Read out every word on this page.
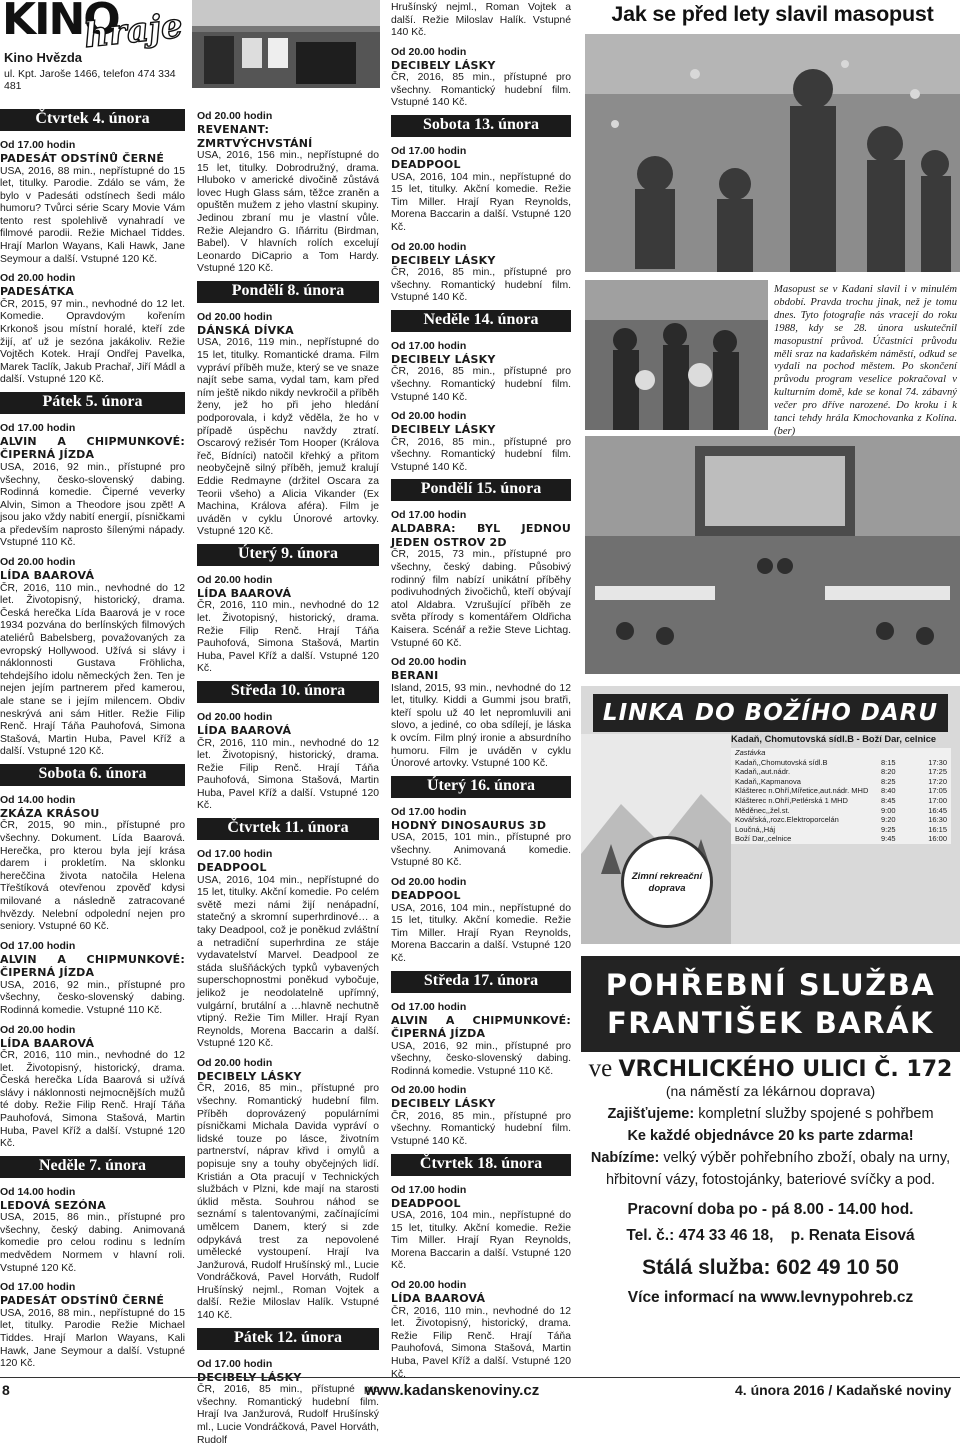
KINO
hraje
Kino Hvězda
ul. Kpt. Jaroše 1466, telefon 474 334 481
Jak se před lety slavil masopust
Masopust se v Kadani slavil i v minulém období. Pravda trochu jinak, než je tomu dnes. Tyto fotografie nás vracejí do roku 1988, kdy se 28. února uskutečnil masopustní průvod. Účastníci průvodu měli sraz na kadaňském náměstí, odkud se vydali na pochod městem. Po skončení průvodu program veselice pokračoval v kulturním domě, kde se konal 74. zábavný večer pro dříve narozené. Do kroku i k tanci tehdy hrála Kmochovanka z Kolína. (ber)
Čtvrtek 4. února
Od 17.00 hodin
PADESÁT ODSTÍNŮ ČERNÉ
USA, 2016, 88 min., nepřístupné do 15 let, titulky. Parodie. Zdálo se vám, že bylo v Padesáti odstínech šedi málo humoru? Tvůrci série Scary Movie Vám tento rest spolehlivě vynahradí ve filmové parodii. Režie Michael Tiddes. Hrají Marlon Wayans, Kali Hawk, Jane Seymour a další. Vstupné 120 Kč.
Od 20.00 hodin
PADESÁTKA
ČR, 2015, 97 min., nevhodné do 12 let. Komedie. Opravdovým kořením Krkonoš jsou místní horalé, kteří zde žijí, ať už je sezóna jakákoliv. Režie Vojtěch Kotek. Hrají Ondřej Pavelka, Marek Taclík, Jakub Prachař, Jiří Mádl a další. Vstupné 120 Kč.
Pátek 5. února
Od 17.00 hodin
ALVIN A CHIPMUNKOVÉ: ČIPERNÁ JÍZDA
USA, 2016, 92 min., přístupné pro všechny, česko-slovenský dabing. Rodinná komedie. Čiperné veverky Alvin, Simon a Theodore jsou zpět! A jsou jako vždy nabití energií, písničkami a především naprosto šílenými nápady. Vstupné 110 Kč.
Od 20.00 hodin
LÍDA BAAROVÁ
ČR, 2016, 110 min., nevhodné do 12 let. Životopisný, historický, drama. Česká herečka Lída Baarová je v roce 1934 pozvána do berlínských filmových ateliérů Babelsberg, považovaných za evropský Hollywood. Užívá si slávy i náklonnosti Gustava Fröhlicha, tehdejšího idolu německých žen. Ten je nejen jejím partnerem před kamerou, ale stane se i jejím milencem. Obdiv neskrývá ani sám Hitler. Režie Filip Renč. Hrají Táňa Pauhofová, Simona Stašová, Martin Huba, Pavel Kříž a další. Vstupné 120 Kč.
Sobota 6. února
Od 14.00 hodin
ZKÁZA KRÁSOU
ČR, 2015, 90 min., přístupné pro všechny. Dokument. Lída Baarová. Herečka, pro kterou byla její krása darem i prokletím. Na sklonku hereččina života natočila Helena Třeštíková otevřenou zpověď kdysi milované a následně zatracované hvězdy. Nelební odpolední nejen pro seniory. Vstupné 60 Kč.
Od 17.00 hodin
ALVIN A CHIPMUNKOVÉ: ČIPERNÁ JÍZDA
USA, 2016, 92 min., přístupné pro všechny, česko-slovenský dabing. Rodinná komedie. Vstupné 110 Kč.
Od 20.00 hodin
LÍDA BAAROVÁ
ČR, 2016, 110 min., nevhodné do 12 let. Životopisný, historický, drama. Česká herečka Lída Baarová si užívá slávy i náklonnosti nejmocnějších mužů té doby. Režie Filip Renč. Hrají Táňa Pauhofová, Simona Stašová, Martin Huba, Pavel Kříž a další. Vstupné 120 Kč.
Neděle 7. února
Od 14.00 hodin
LEDOVÁ SEZÓNA
USA, 2015, 86 min., přístupné pro všechny, český dabing. Animovaná komedie pro celou rodinu s ledním medvědem Normem v hlavní roli. Vstupné 120 Kč.
Od 17.00 hodin
PADESÁT ODSTÍNŮ ČERNÉ
USA, 2016, 88 min., nepřístupné do 15 let, titulky. Parodie Režie Michael Tiddes. Hrají Marlon Wayans, Kali Hawk, Jane Seymour a další. Vstupné 120 Kč.
Od 20.00 hodin
REVENANT: ZMRTVÝCHVSTÁNÍ
USA, 2016, 156 min., nepřístupné do 15 let, titulky. Dobrodružný, drama. Hluboko v americké divočině zůstává lovec Hugh Glass sám, těžce zraněn a opuštěn mužem z jeho vlastní skupiny. Jedinou zbraní mu je vlastní vůle. Režie Alejandro G. Iñárritu (Birdman, Babel). V hlavních rolích excelují Leonardo DiCaprio a Tom Hardy. Vstupné 120 Kč.
Pondělí 8. února
Od 20.00 hodin
DÁNSKÁ DÍVKA
USA, 2016, 119 min., nepřístupné do 15 let, titulky. Romantické drama. Film vypráví příběh muže, který se ve snaze najít sebe sama, vydal tam, kam před ním ještě nikdo nikdy nevkročil a příběh ženy, jež ho při jeho hledání podporovala, i když věděla, že ho v případě úspěchu navždy ztratí. Oscarový režisér Tom Hooper (Králova řeč, Bídníci) natočil křehký a přitom neobyčejně silný příběh, jemuž kralují Eddie Redmayne (držitel Oscara za Teorii všeho) a Alicia Vikander (Ex Machina, Králova aféra). Film je uváděn v cyklu Únorové artovky. Vstupné 120 Kč.
Úterý 9. února
Od 20.00 hodin
LÍDA BAAROVÁ
ČR, 2016, 110 min., nevhodné do 12 let. Životopisný, historický, drama. Režie Filip Renč. Hrají Táňa Pauhofová, Simona Stašová, Martin Huba, Pavel Kříž a další. Vstupné 120 Kč.
Středa 10. února
Od 20.00 hodin
LÍDA BAAROVÁ
ČR, 2016, 110 min., nevhodné do 12 let. Životopisný, historický, drama. Režie Filip Renč. Hrají Táňa Pauhofová, Simona Stašová, Martin Huba, Pavel Kříž a další. Vstupné 120 Kč.
Čtvrtek 11. února
Od 17.00 hodin
DEADPOOL
USA, 2016, 104 min., nepřístupné do 15 let, titulky. Akční komedie. Po celém světě mezi námi žijí nenápadní, statečný a skromní superhrdinové… a taky Deadpool, což je poněkud zvláštní a netradiční superhrdina ze stáje vydavatelství Marvel. Deadpool ze stáda slušňáckých typků vybavených superschopnostmi poněkud vybočuje, jelikož je neodolatelně upřímný, vulgární, brutální a …hlavně nechutně vtipný. Režie Tim Miller. Hrají Ryan Reynolds, Morena Baccarin a další. Vstupné 120 Kč.
Od 20.00 hodin
DECIBELY LÁSKY
ČR, 2016, 85 min., přístupné pro všechny. Romantický hudební film. Příběh doprovázený populárními písničkami Michala Davida vypráví o lidské touze po lásce, životním partnerství, náprav křivd i omylů a popisuje sny a touhy obyčejných lidí. Kristián a Ota pracují v Technických službách v Plzni, kde mají na starosti úklid města. Souhrou náhod se seznámí s talentovanými, začínajícími umělcem Danem, který si zde odpykává trest za nepovolené umělecké vystoupení. Hrají Iva Janžurová, Rudolf Hrušínský ml., Lucie Vondráčková, Pavel Horváth, Rudolf Hrušínský nejml., Roman Vojtek a další. Režie Miloslav Halík. Vstupné 140 Kč.
Pátek 12. února
Od 17.00 hodin
DECIBELY LÁSKY
ČR, 2016, 85 min., přístupné pro všechny. Romantický hudební film. Hrají Iva Janžurová, Rudolf Hrušínský ml., Lucie Vondráčková, Pavel Horváth, Rudolf
Hrušínský nejml., Roman Vojtek a další. Režie Miloslav Halík. Vstupné 140 Kč.
Od 20.00 hodin
DECIBELY LÁSKY
ČR, 2016, 85 min., přístupné pro všechny. Romantický hudební film. Vstupné 140 Kč.
Sobota 13. února
Od 17.00 hodin
DEADPOOL
USA, 2016, 104 min., nepřístupné do 15 let, titulky. Akční komedie. Režie Tim Miller. Hrají Ryan Reynolds, Morena Baccarin a další. Vstupné 120 Kč.
Od 20.00 hodin
DECIBELY LÁSKY
ČR, 2016, 85 min., přístupné pro všechny. Romantický hudební film. Vstupné 140 Kč.
Neděle 14. února
Od 17.00 hodin
DECIBELY LÁSKY
ČR, 2016, 85 min., přístupné pro všechny. Romantický hudební film. Vstupné 140 Kč.
Od 20.00 hodin
DECIBELY LÁSKY
ČR, 2016, 85 min., přístupné pro všechny. Romantický hudební film. Vstupné 140 Kč.
Pondělí 15. února
Od 17.00 hodin
ALDABRA: BYL JEDNOU JEDEN OSTROV 2D
ČR, 2015, 73 min., přístupné pro všechny, český dabing. Působivý rodinný film nabízí unikátní příběhy podivuhodných živočichů, kteří obývají atol Aldabra. Vzrušující příběh ze světa přírody s komentářem Oldřicha Kaisera. Scénář a režie Steve Lichtag. Vstupné 60 Kč.
Od 20.00 hodin
BERANI
Island, 2015, 93 min., nevhodné do 12 let, titulky. Kiddi a Gummi jsou bratři, kteří spolu už 40 let nepromluvili ani slovo, a jediné, co oba sdílejí, je láska k ovcím. Film plný ironie a absurdního humoru. Film je uváděn v cyklu Únorové artovky. Vstupné 100 Kč.
Úterý 16. února
Od 17.00 hodin
HODNÝ DINOSAURUS 3D
USA, 2015, 101 min., přístupné pro všechny. Animovaná komedie. Vstupné 80 Kč.
Od 20.00 hodin
DEADPOOL
USA, 2016, 104 min., nepřístupné do 15 let, titulky. Akční komedie. Režie Tim Miller. Hrají Ryan Reynolds, Morena Baccarin a další. Vstupné 120 Kč.
Středa 17. února
Od 17.00 hodin
ALVIN A CHIPMUNKOVÉ: ČIPERNÁ JÍZDA
USA, 2016, 92 min., přístupné pro všechny, česko-slovenský dabing. Rodinná komedie. Vstupné 110 Kč.
Od 20.00 hodin
DECIBELY LÁSKY
ČR, 2016, 85 min., přístupné pro všechny. Romantický hudební film. Vstupné 140 Kč.
Čtvrtek 18. února
Od 17.00 hodin
DEADPOOL
USA, 2016, 104 min., nepřístupné do 15 let, titulky. Akční komedie. Režie Tim Miller. Hrají Ryan Reynolds, Morena Baccarin a další. Vstupné 120 Kč.
Od 20.00 hodin
LÍDA BAAROVÁ
ČR, 2016, 110 min., nevhodné do 12 let. Životopisný, historický, drama. Režie Filip Renč. Hrají Táňa Pauhofová, Simona Stašová, Martin Huba, Pavel Kříž a další. Vstupné 120 Kč.
LINKA DO BOŽÍHO DARU
Kadaň, Chomutovská sídl.B - Boží Dar, celnice
Zastávka
Kadaň,,Chomutovská sídl.B	8:15	17:30
Kadaň,,aut.nádr.	8:20	17:25
Kadaň,,Kapmanova	8:25	17:20
Klášterec n.Ohří,Mířetice,aut.nádr. MHD	8:40	17:05
Klášterec n.Ohří,Petlérská 1 MHD	8:45	17:00
Měděnec,,žel.st.	9:00	16:45
Kovářská,,rozc.Elektroporcelán	9:20	16:30
Loučná,,Háj	9:25	16:15
Boží Dar,,celnice	9:45	16:00
Zimní rekreační doprava
POHŘEBNÍ SLUŽBA
FRANTIŠEK BARÁK
ve VRCHLICKÉHO ULICI Č. 172
(na náměstí za lékárnou doprava)
Zajišťujeme: kompletní služby spojené s pohřbem
Ke každé objednávce 20 ks parte zdarma!
Nabízíme: velký výběr pohřebního zboží, obaly na urny, hřbitovní vázy, fotostojánky, bateriové svíčky a pod.
Pracovní doba po - pá 8.00 - 14.00 hod.
Tel. č.: 474 33 46 18, p. Renata Eisová
Stálá služba: 602 49 10 50
Více informací na www.levnypohreb.cz
8	www.kadanskenoviny.cz	4. února 2016 / Kadaňské noviny
